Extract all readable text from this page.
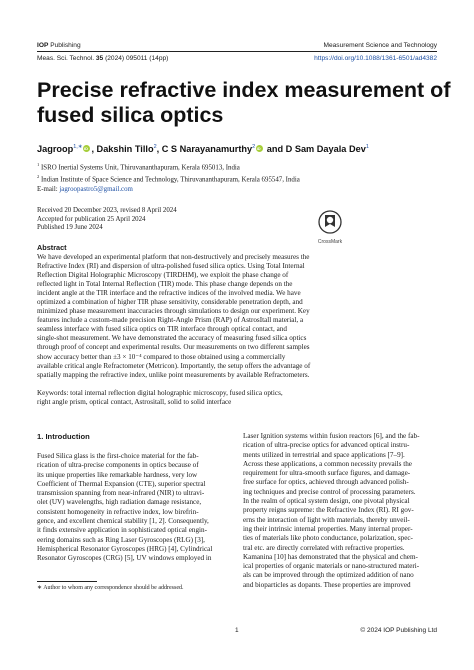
IOP Publishing	Measurement Science and Technology
Meas. Sci. Technol. 35 (2024) 095011 (14pp)	https://doi.org/10.1088/1361-6501/ad4382
Precise refractive index measurement of
fused silica optics
Jagroop$^{1,∗}$iD , Dakshin Tillo$^2$, C S Narayanamurthy$^2$iD and D Sam Dayala Dev$^1$
$^1$ ISRO Inertial Systems Unit, Thiruvananthapuram, Kerala 695013, India
$^2$ Indian Institute of Space Science and Technology, Thiruvananthapuram, Kerala 695547, India
E-mail: jagroopastro5@gmail.com
Received 20 December 2023, revised 8 April 2024
Accepted for publication 25 April 2024
Published 19 June 2024
CrossMark
Abstract
We have developed an experimental platform that non-destructively and precisely measures the
Refractive Index (RI) and dispersion of ultra-polished fused silica optics. Using Total Internal
Reflection Digital Holographic Microscopy (TIRDHM), we exploit the phase change of
reflected light in Total Internal Reflection (TIR) mode. This phase change depends on the
incident angle at the TIR interface and the refractive indices of the involved media. We have
optimized a combination of higher TIR phase sensitivity, considerable penetration depth, and
minimized phase measurement inaccuracies through simulations to design our experiment. Key
features include a custom-made precision Right-Angle Prism (RAP) of AstrosItall material, a
seamless interface with fused silica optics on TIR interface through optical contact, and
single-shot measurement. We have demonstrated the accuracy of measuring fused silica optics
through proof of concept and experimental results. Our measurements on two different samples
show accuracy better than ±3 × 10⁻⁴ compared to those obtained using a commercially
available critical angle Refractometer (Metricon). Importantly, the setup offers the advantage of
spatially mapping the refractive index, unlike point measurements by available Refractometers.
Keywords: total internal reflection digital holographic microscopy, fused silica optics,
right angle prism, optical contact, Astrositall, solid to solid interface
1. Introduction
Fused Silica glass is the first-choice material for the fab-
rication of ultra-precise components in optics because of
its unique properties like remarkable hardness, very low
Coefficient of Thermal Expansion (CTE), superior spectral
transmission spanning from near-infrared (NIR) to ultravi-
olet (UV) wavelengths, high radiation damage resistance,
consistent homogeneity in refractive index, low birefrin-
gence, and excellent chemical stability [1, 2]. Consequently,
it finds extensive application in sophisticated optical engin-
eering domains such as Ring Laser Gyroscopes (RLG) [3],
Hemispherical Resonator Gyroscopes (HRG) [4], Cylindrical
Resonator Gyroscopes (CRG) [5], UV windows employed in
Laser Ignition systems within fusion reactors [6], and the fab-
rication of ultra-precise optics for advanced optical instru-
ments utilized in terrestrial and space applications [7–9].
Across these applications, a common necessity prevails the
requirement for ultra-smooth surface figures, and damage-
free surface for optics, achieved through advanced polish-
ing techniques and precise control of processing parameters.
In the realm of optical system design, one pivotal physical
property reigns supreme: the Refractive Index (RI). RI gov-
erns the interaction of light with materials, thereby unveil-
ing their intrinsic internal properties. Many internal proper-
ties of materials like photo conductance, polarization, spec-
tral etc. are directly correlated with refractive properties.
Kamanina [10] has demonstrated that the physical and chem-
ical properties of organic materials or nano-structured materi-
als can be improved through the optimized addition of nano
and bioparticles as dopants. These properties are improved
∗ Author to whom any correspondence should be addressed.
1	© 2024 IOP Publishing Ltd
